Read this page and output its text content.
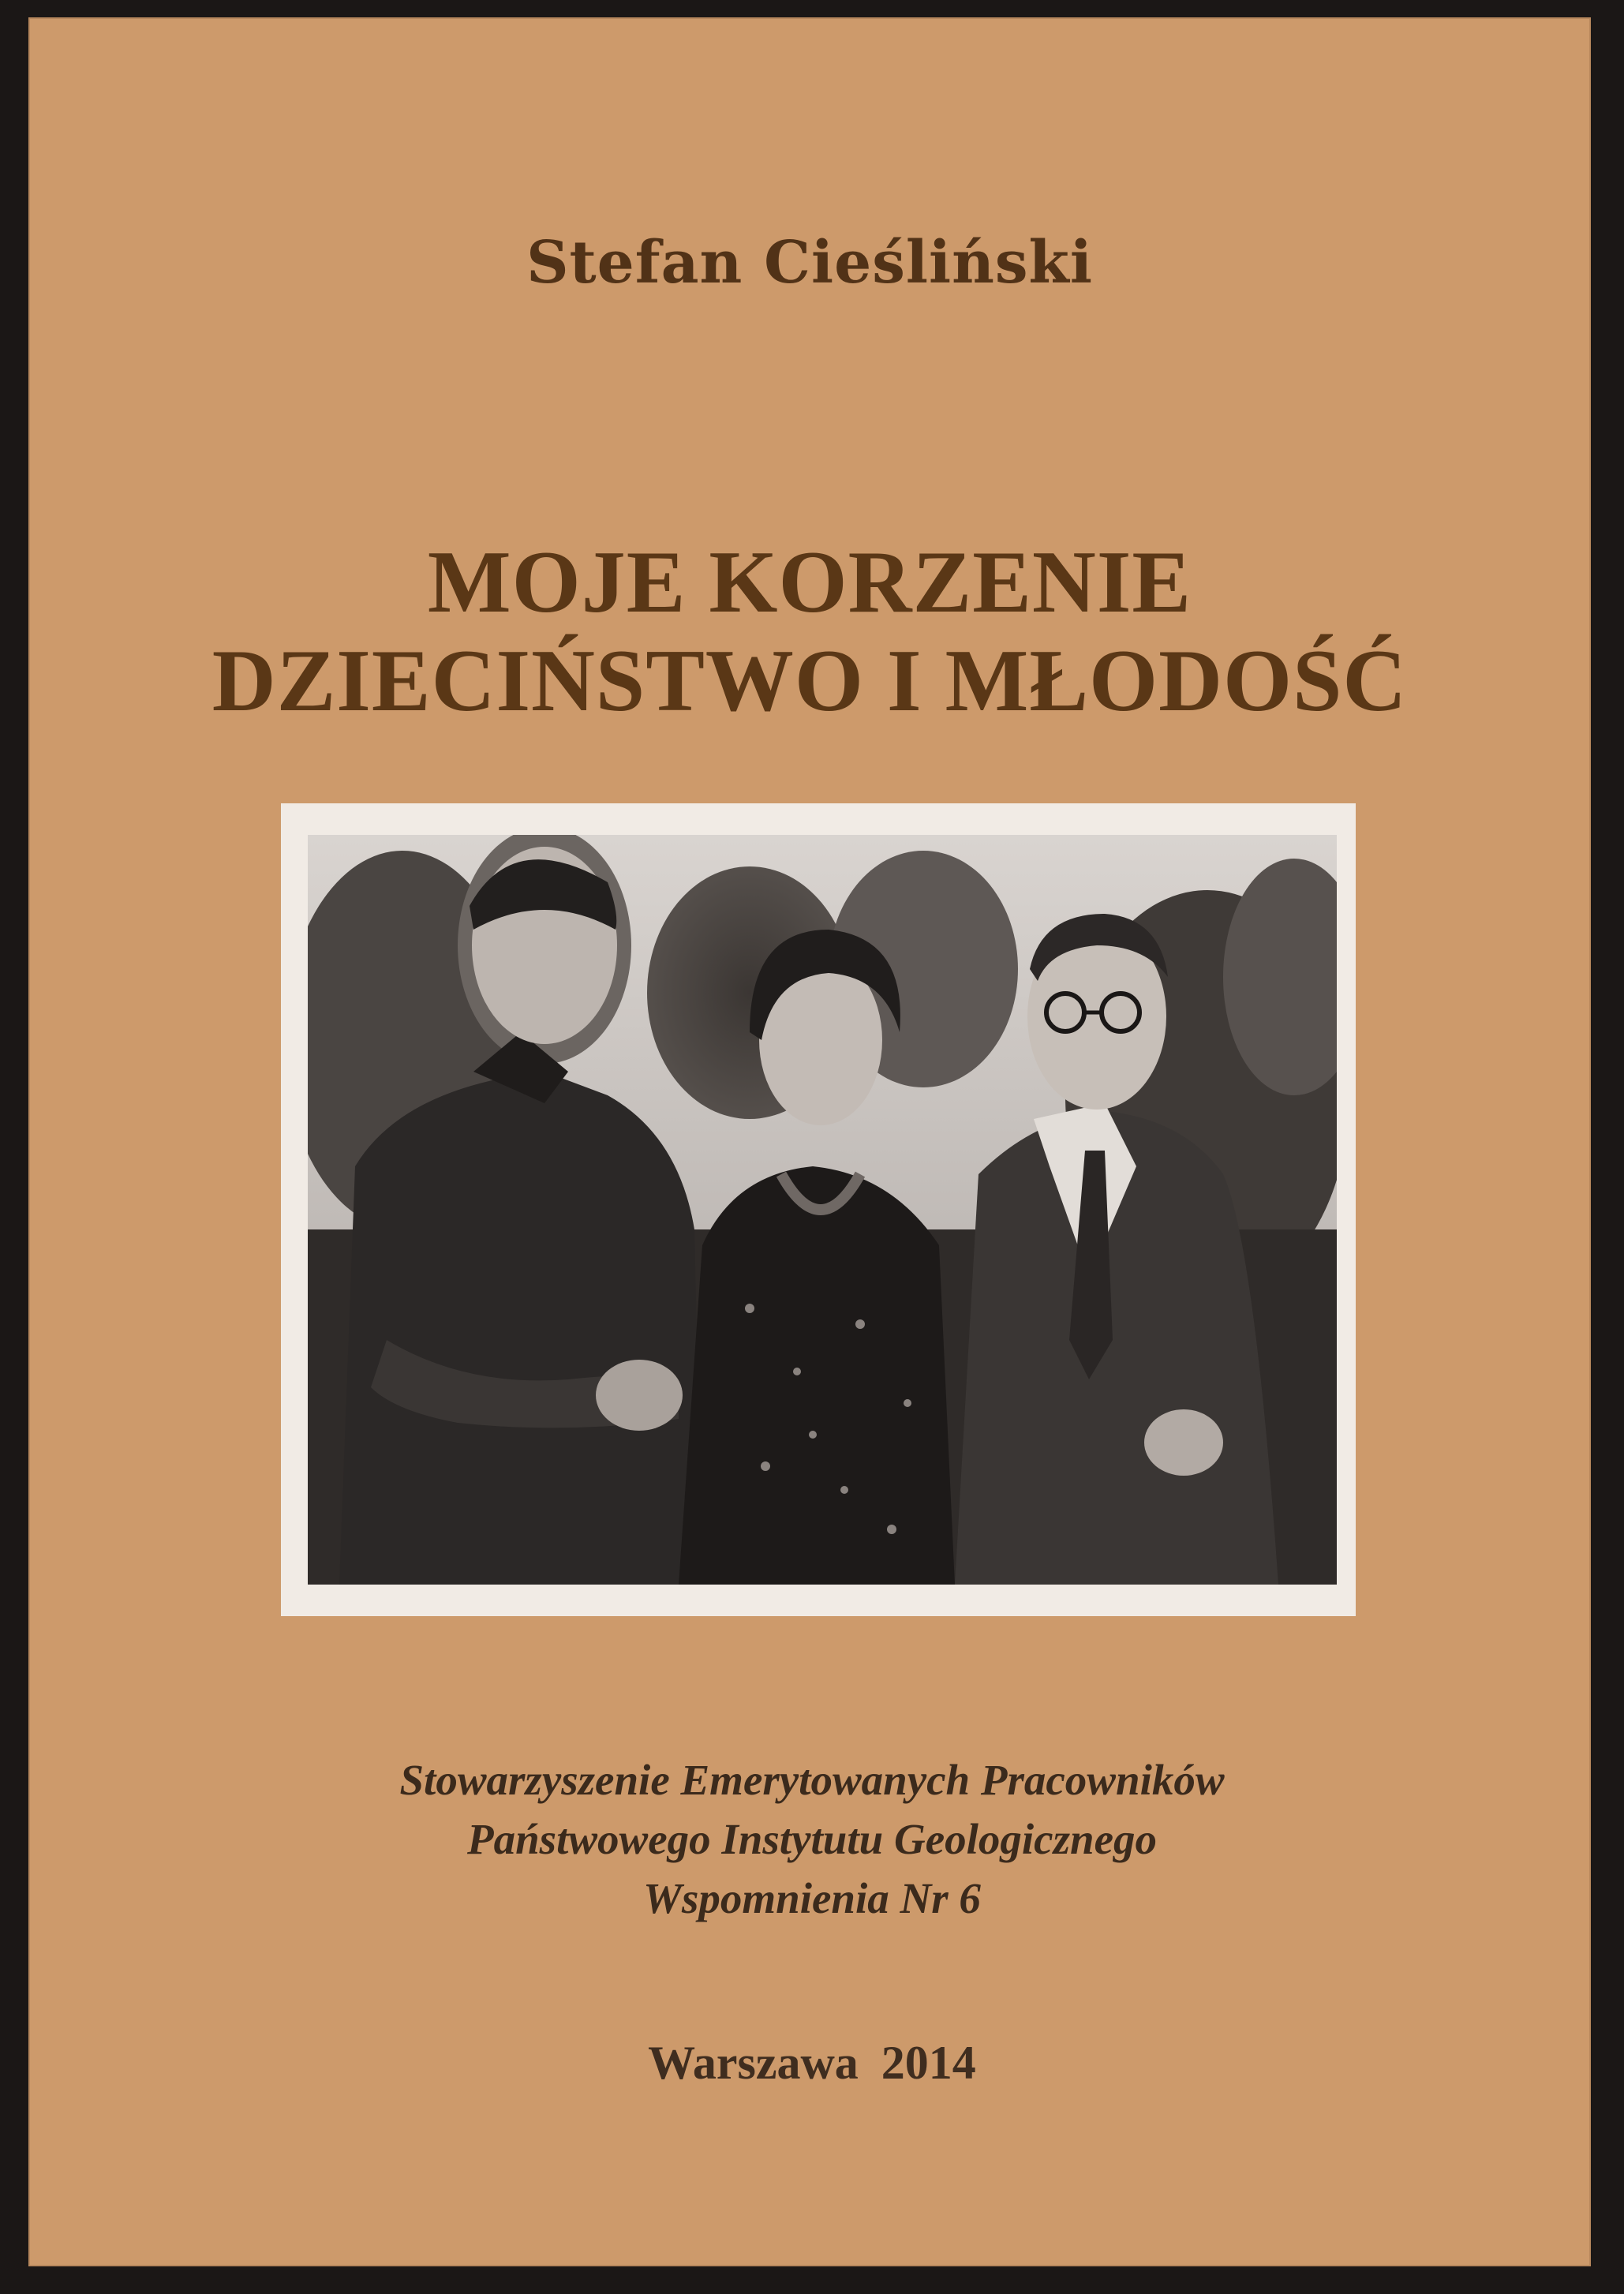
Stefan Cieśliński
MOJE KORZENIE
DZIECIŃSTWO I MŁODOŚĆ
Stowarzyszenie Emerytowanych Pracowników
Państwowego Instytutu Geologicznego
Wspomnienia Nr 6
Warszawa 2014
